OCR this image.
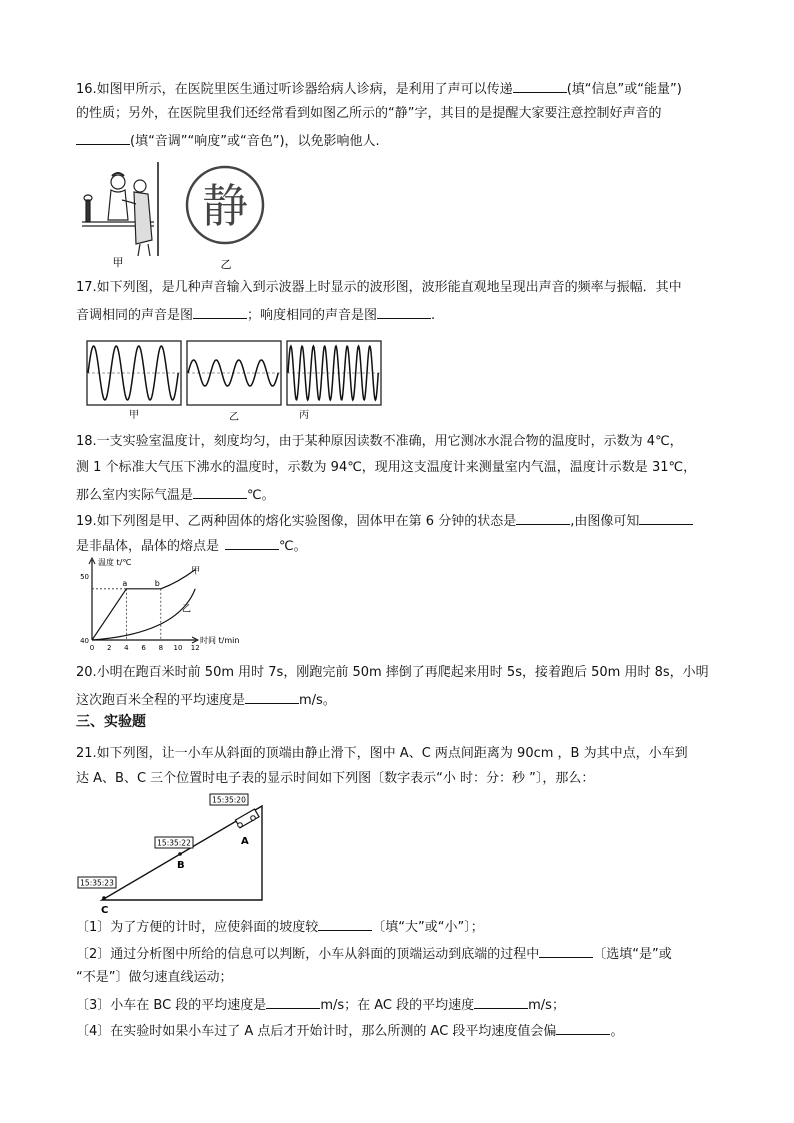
16.如图甲所示，在医院里医生通过听诊器给病人诊病，是利用了声可以传递	(填“信息”或“能量”)
的性质；另外，在医院里我们还经常看到如图乙所示的“静”字，其目的是提醒大家要注意控制好声音的
(填“音调”“响度”或“音色”)，以免影响他人.
静
甲	乙
17.如下列图，是几种声音输入到示波器上时显示的波形图，波形能直观地呈现出声音的频率与振幅．其中
音调相同的声音是图	；响度相同的声音是图	.
甲	乙	丙
18.一支实验室温度计，刻度均匀，由于某种原因读数不准确，用它测冰水混合物的温度时，示数为 4℃，
测 1 个标准大气压下沸水的温度时，示数为 94℃，现用这支温度计来测量室内气温，温度计示数是 31℃，
那么室内实际气温是	℃。
19.如下列图是甲、乙两种固体的熔化实验图像，固体甲在第 6 分钟的状态是	,由图像可知
是非晶体，晶体的熔点是	℃。
温度 t/℃
时间 t/min
0 2 4 6 8 10 12
50
40
a	b
甲
乙
20.小明在跑百米时前 50m 用时 7s，刚跑完前 50m 摔倒了再爬起来用时 5s，接着跑后 50m 用时 8s，小明
这次跑百米全程的平均速度是	m/s。
三、实验题
21.如下列图，让一小车从斜面的顶端由静止滑下，图中 A、C 两点间距离为 90cm ，B 为其中点，小车到
达 A、B、C 三个位置时电子表的显示时间如下列图〔数字表示“小 时：分：秒 ”〕，那么：
A
B
C
15:35:20
15:35:22
15:35:23
〔1〕为了方便的计时，应使斜面的坡度较	〔填“大”或“小”〕；
〔2〕通过分析图中所给的信息可以判断，小车从斜面的顶端运动到底端的过程中	〔选填“是”或
“不是”〕做匀速直线运动；
〔3〕小车在 BC 段的平均速度是	m/s；在 AC 段的平均速度	m/s；
〔4〕在实验时如果小车过了 A 点后才开始计时，那么所测的 AC 段平均速度值会偏	。
